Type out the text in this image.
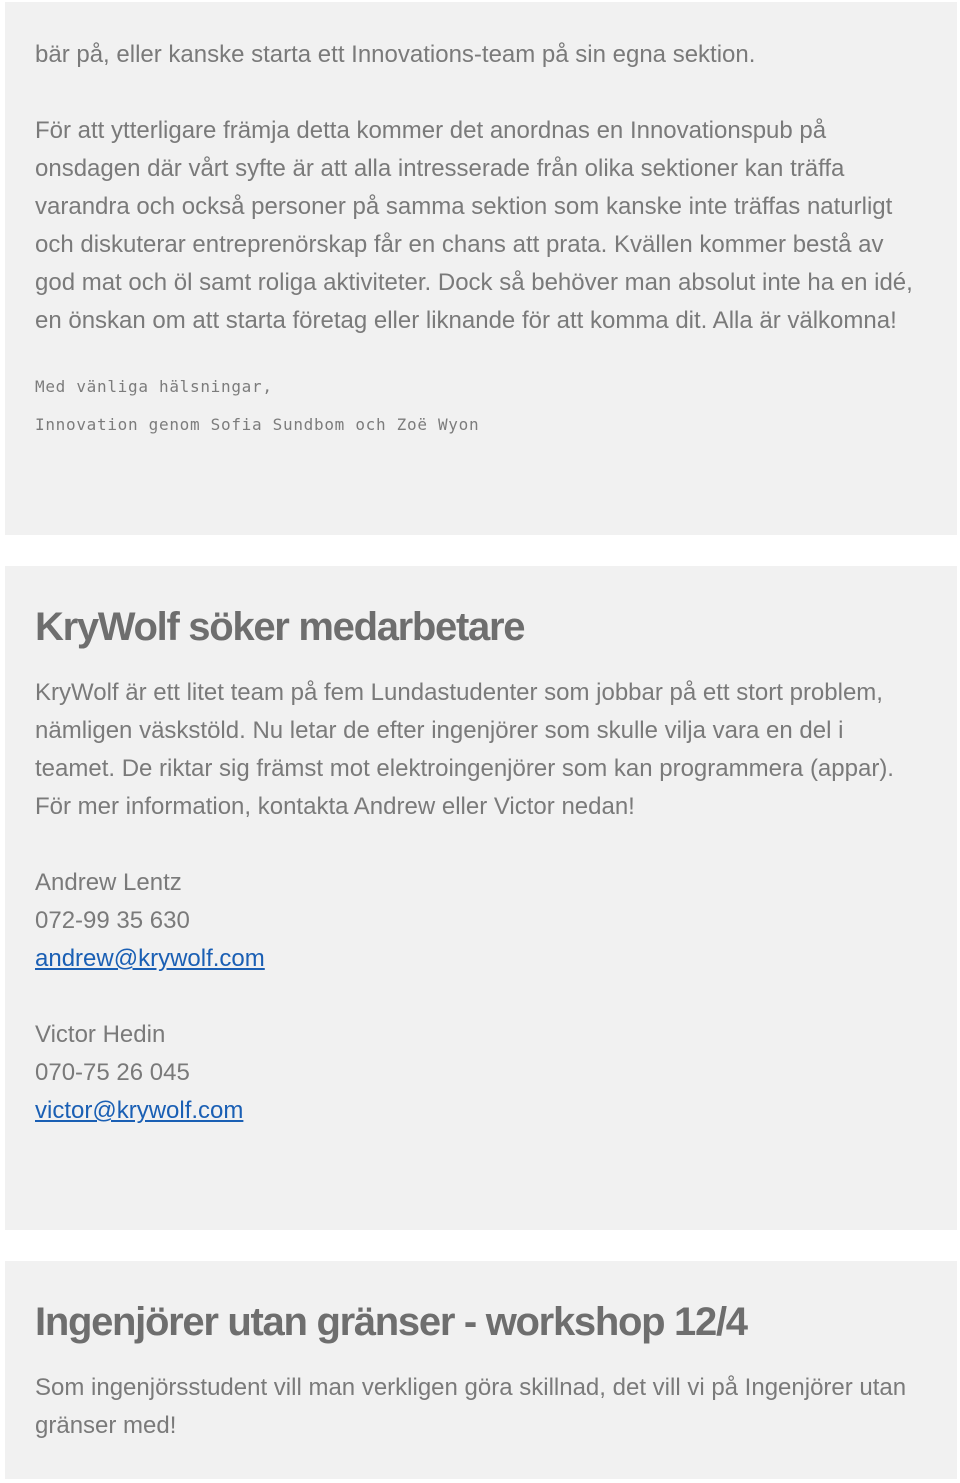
bär på, eller kanske starta ett Innovations-team på sin egna sektion.

För att ytterligare främja detta kommer det anordnas en Innovationspub på onsdagen där vårt syfte är att alla intresserade från olika sektioner kan träffa varandra och också personer på samma sektion som kanske inte träffas naturligt och diskuterar entreprenörskap får en chans att prata. Kvällen kommer bestå av god mat och öl samt roliga aktiviteter. Dock så behöver man absolut inte ha en idé, en önskan om att starta företag eller liknande för att komma dit. Alla är välkomna!

Med vänliga hälsningar,

Innovation genom Sofia Sundbom och Zoë Wyon

KryWolf söker medarbetare

KryWolf är ett litet team på fem Lundastudenter som jobbar på ett stort problem, nämligen väskstöld. Nu letar de efter ingenjörer som skulle vilja vara en del i teamet. De riktar sig främst mot elektroingenjörer som kan programmera (appar). För mer information, kontakta Andrew eller Victor nedan!

Andrew Lentz

072-99 35 630

andrew@krywolf.com

Victor Hedin

070-75 26 045

victor@krywolf.com

Ingenjörer utan gränser - workshop 12/4

Som ingenjörsstudent vill man verkligen göra skillnad, det vill vi på Ingenjörer utan gränser med!
